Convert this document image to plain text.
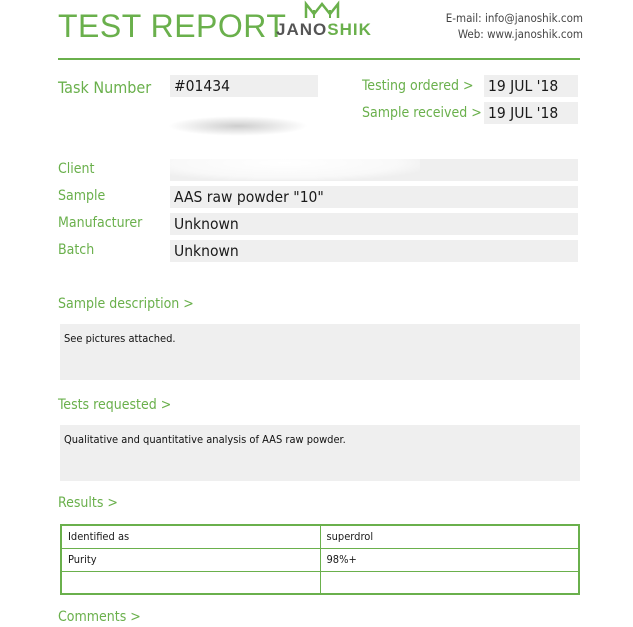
TEST REPORT
JANOSHIK
E-mail: info@janoshik.com
Web: www.janoshik.com
Task Number #01434	Testing ordered > 19 JUL '18
Sample received > 19 JUL '18
Client
Sample	AAS raw powder "10"
Manufacturer Unknown
Batch	Unknown
Sample description >
See pictures attached.
Tests requested >
Qualitative and quantitative analysis of AAS raw powder.
Results >
Identified as	superdrol
Purity	98%+

Comments >
